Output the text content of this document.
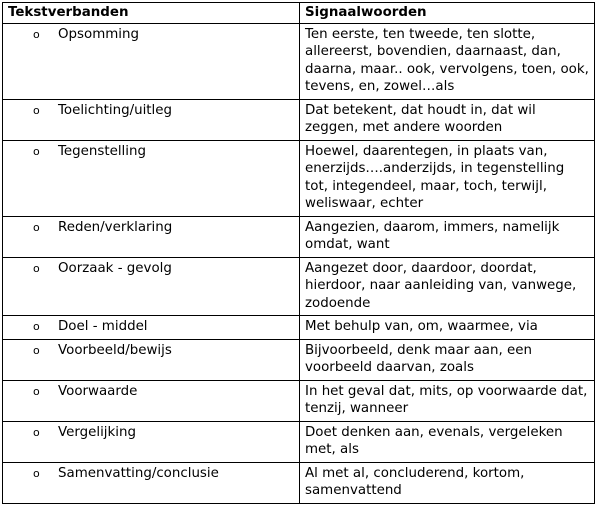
Tekstverbanden	Signaalwoorden
o Opsomming	Ten eerste, ten tweede, ten slotte, allereerst, bovendien, daarnaast, dan, daarna, maar.. ook, vervolgens, toen, ook, tevens, en, zowel…als
o Toelichting/uitleg	Dat betekent, dat houdt in, dat wil zeggen, met andere woorden
o Tegenstelling	Hoewel, daarentegen, in plaats van, enerzijds….anderzijds, in tegenstelling tot, integendeel, maar, toch, terwijl, weliswaar, echter
o Reden/verklaring	Aangezien, daarom, immers, namelijk omdat, want
o Oorzaak - gevolg	Aangezet door, daardoor, doordat, hierdoor, naar aanleiding van, vanwege, zodoende
o Doel - middel	Met behulp van, om, waarmee, via
o Voorbeeld/bewijs	Bijvoorbeeld, denk maar aan, een voorbeeld daarvan, zoals
o Voorwaarde	In het geval dat, mits, op voorwaarde dat, tenzij, wanneer
o Vergelijking	Doet denken aan, evenals, vergeleken met, als
o Samenvatting/conclusie	Al met al, concluderend, kortom, samenvattend
